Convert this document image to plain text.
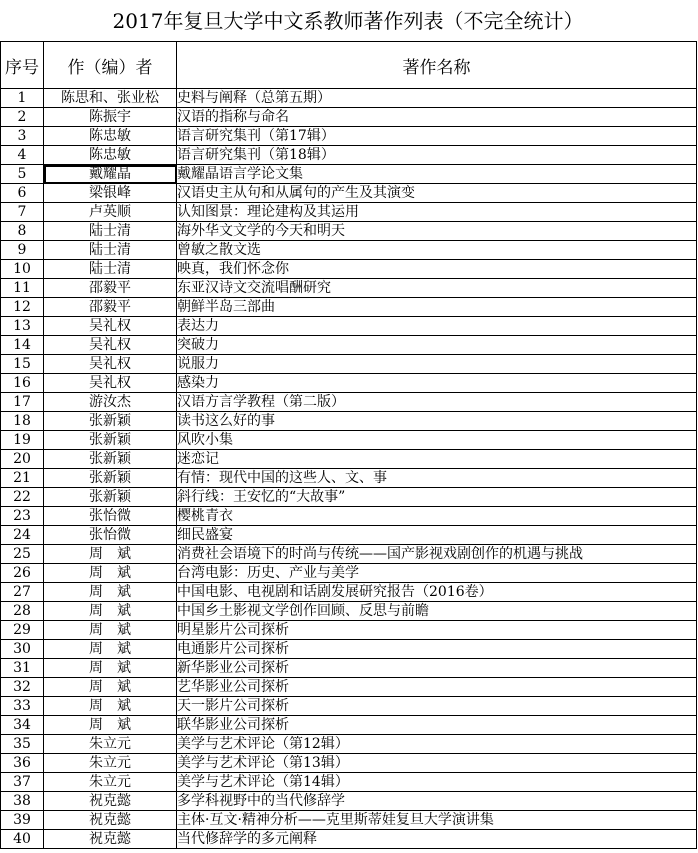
2017年复旦大学中文系教师著作列表（不完全统计）
序号	作（编）者	著作名称
1	陈思和、张业松	史料与阐释（总第五期）
2	陈振宇	汉语的指称与命名
3	陈忠敏	语言研究集刊（第17辑）
4	陈忠敏	语言研究集刊（第18辑）
5	戴耀晶	戴耀晶语言学论文集
6	梁银峰	汉语史主从句和从属句的产生及其演变
7	卢英顺	认知图景：理论建构及其运用
8	陆士清	海外华文文学的今天和明天
9	陆士清	曾敏之散文选
10	陆士清	映真，我们怀念你
11	邵毅平	东亚汉诗文交流唱酬研究
12	邵毅平	朝鲜半岛三部曲
13	吴礼权	表达力
14	吴礼权	突破力
15	吴礼权	说服力
16	吴礼权	感染力
17	游汝杰	汉语方言学教程（第二版）
18	张新颖	读书这么好的事
19	张新颖	风吹小集
20	张新颖	迷恋记
21	张新颖	有情：现代中国的这些人、文、事
22	张新颖	斜行线：王安忆的“大故事”
23	张怡微	樱桃青衣
24	张怡微	细民盛宴
25	周　斌	消费社会语境下的时尚与传统——国产影视戏剧创作的机遇与挑战
26	周　斌	台湾电影：历史、产业与美学
27	周　斌	中国电影、电视剧和话剧发展研究报告（2016卷）
28	周　斌	中国乡土影视文学创作回顾、反思与前瞻
29	周　斌	明星影片公司探析
30	周　斌	电通影片公司探析
31	周　斌	新华影业公司探析
32	周　斌	艺华影业公司探析
33	周　斌	天一影片公司探析
34	周　斌	联华影业公司探析
35	朱立元	美学与艺术评论（第12辑）
36	朱立元	美学与艺术评论（第13辑）
37	朱立元	美学与艺术评论（第14辑）
38	祝克懿	多学科视野中的当代修辞学
39	祝克懿	主体·互文·精神分析——克里斯蒂娃复旦大学演讲集
40	祝克懿	当代修辞学的多元阐释
